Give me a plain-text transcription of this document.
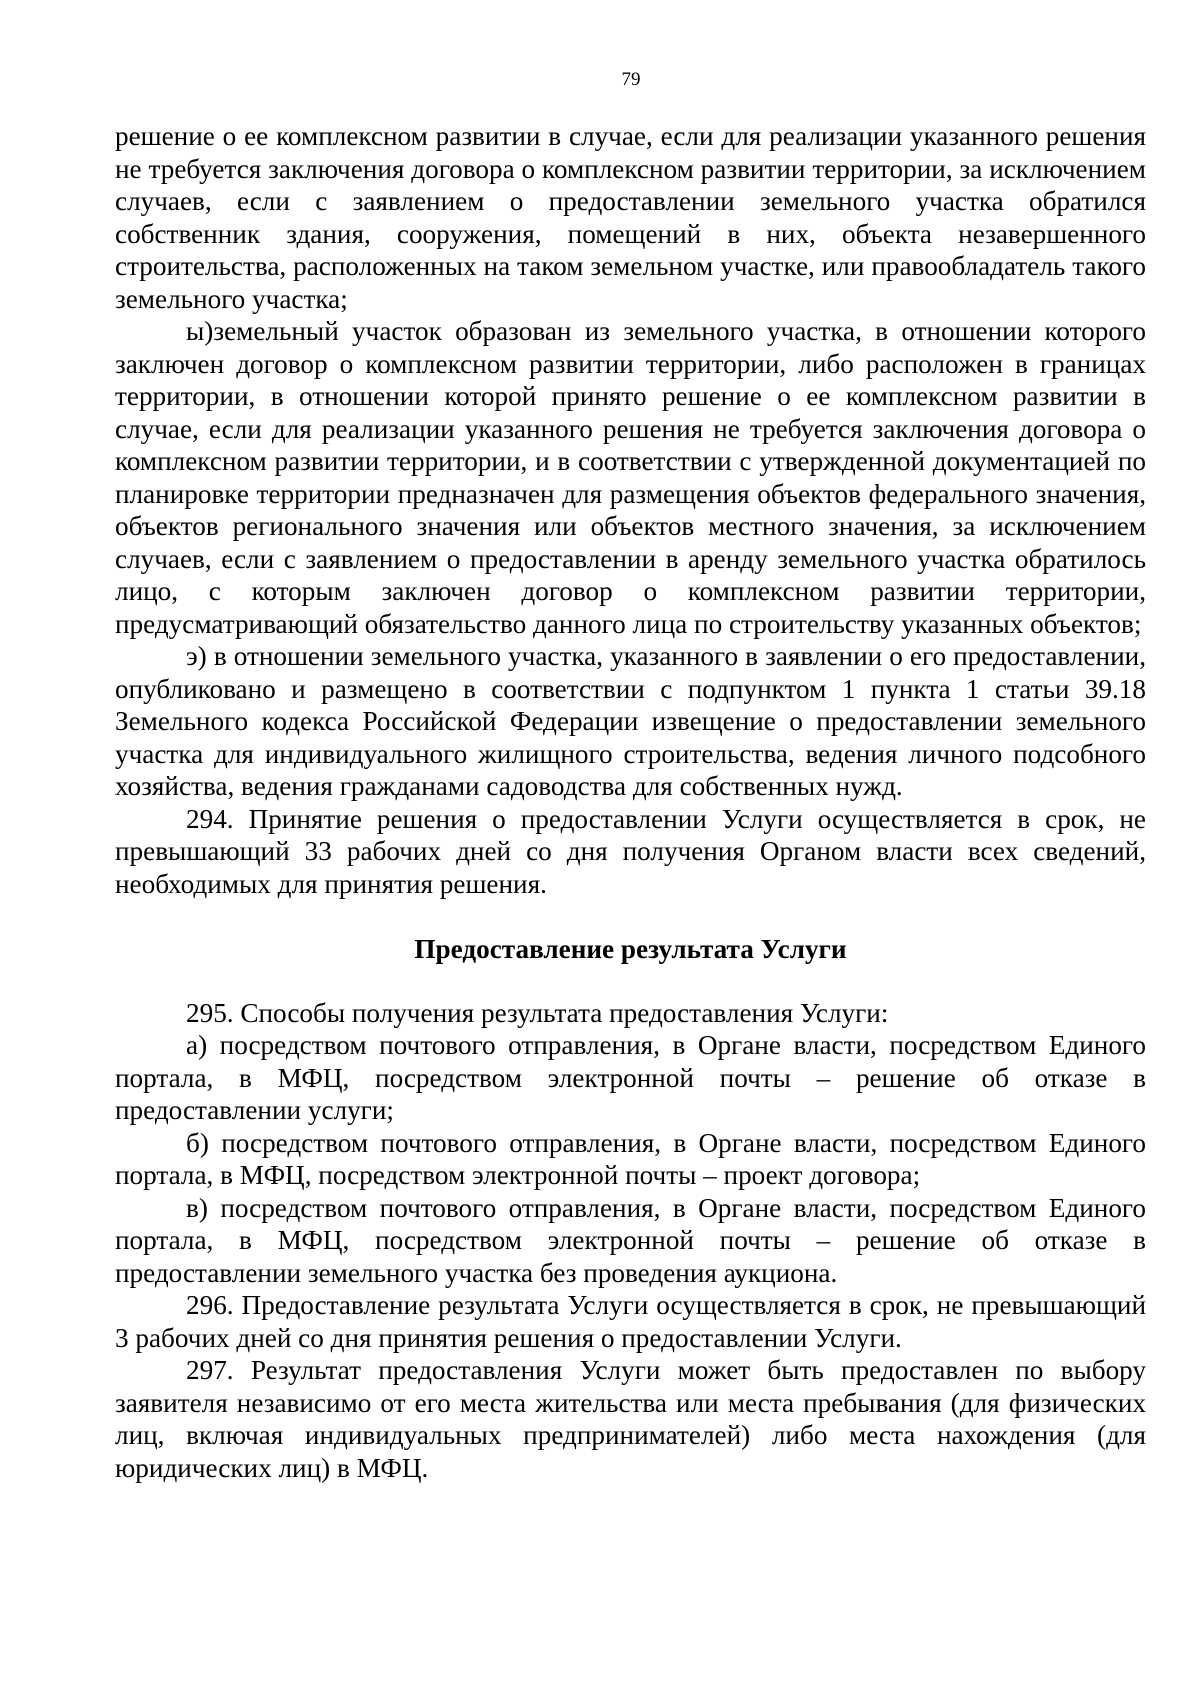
79

решение о ее комплексном развитии в случае, если для реализации указанного решения не требуется заключения договора о комплексном развитии территории, за исключением случаев, если с заявлением о предоставлении земельного участка обратился собственник здания, сооружения, помещений в них, объекта незавершенного строительства, расположенных на таком земельном участке, или правообладатель такого земельного участка;

ы)земельный участок образован из земельного участка, в отношении которого заключен договор о комплексном развитии территории, либо расположен в границах территории, в отношении которой принято решение о ее комплексном развитии в случае, если для реализации указанного решения не требуется заключения договора о комплексном развитии территории, и в соответствии с утвержденной документацией по планировке территории предназначен для размещения объектов федерального значения, объектов регионального значения или объектов местного значения, за исключением случаев, если с заявлением о предоставлении в аренду земельного участка обратилось лицо, с которым заключен договор о комплексном развитии территории, предусматривающий обязательство данного лица по строительству указанных объектов;

э) в отношении земельного участка, указанного в заявлении о его предоставлении, опубликовано и размещено в соответствии с подпунктом 1 пункта 1 статьи 39.18 Земельного кодекса Российской Федерации извещение о предоставлении земельного участка для индивидуального жилищного строительства, ведения личного подсобного хозяйства, ведения гражданами садоводства для собственных нужд.

294. Принятие решения о предоставлении Услуги осуществляется в срок, не превышающий 33 рабочих дней со дня получения Органом власти всех сведений, необходимых для принятия решения.

Предоставление результата Услуги

295. Способы получения результата предоставления Услуги:

а) посредством почтового отправления, в Органе власти, посредством Единого портала, в МФЦ, посредством электронной почты – решение об отказе в предоставлении услуги;

б) посредством почтового отправления, в Органе власти, посредством Единого портала, в МФЦ, посредством электронной почты – проект договора;

в) посредством почтового отправления, в Органе власти, посредством Единого портала, в МФЦ, посредством электронной почты – решение об отказе в предоставлении земельного участка без проведения аукциона.

296. Предоставление результата Услуги осуществляется в срок, не превышающий 3 рабочих дней со дня принятия решения о предоставлении Услуги.

297. Результат предоставления Услуги может быть предоставлен по выбору заявителя независимо от его места жительства или места пребывания (для физических лиц, включая индивидуальных предпринимателей) либо места нахождения (для юридических лиц) в МФЦ.
